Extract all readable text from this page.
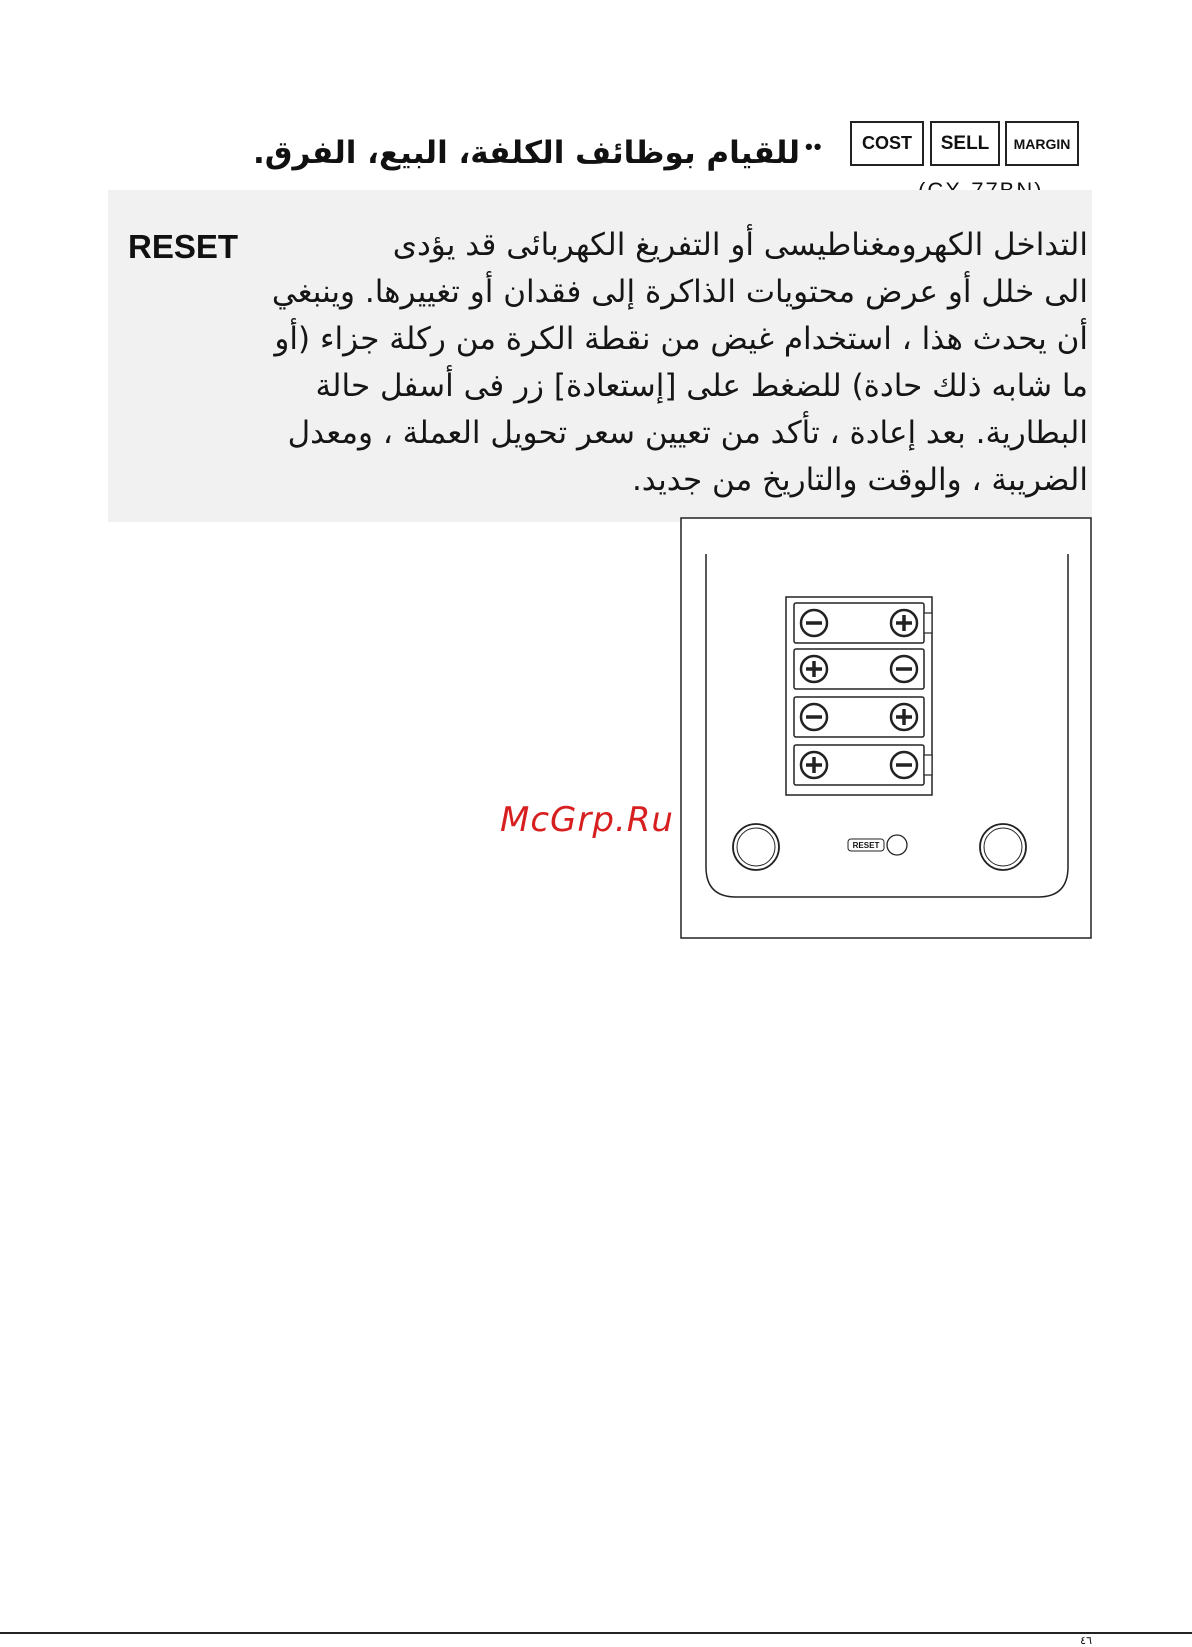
MARGIN
SELL
COST
••
للقيام بوظائف الكلفة، البيع، الفرق.
RESET	التداخل الكهرومغناطيسى أو التفريغ الكهربائى قد يؤدى
الى خلل أو عرض محتويات الذاكرة إلى فقدان أو تغييرها. وينبغي
أن يحدث هذا ، استخدام غيض من نقطة الكرة من ركلة جزاء (أو
ما شابه ذلك حادة) للضغط على [إستعادة] زر فى أسفل حالة
البطارية. بعد إعادة ، تأكد من تعيين سعر تحويل العملة ، ومعدل
الضريبة ، والوقت والتاريخ من جديد.
RESET
McGrp.Ru
٤٦
